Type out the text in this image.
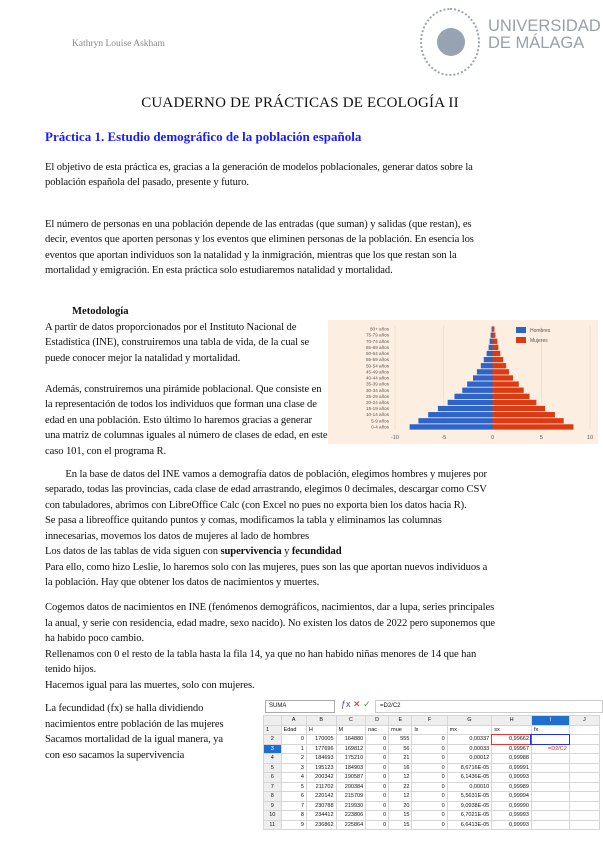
Kathryn Louise Askham
UNIVERSIDAD
DE MÁLAGA
CUADERNO DE PRÁCTICAS DE ECOLOGÍA II
Práctica 1. Estudio demográfico de la población española
Metodología
El objetivo de esta práctica es, gracias a la generación de modelos poblacionales, generar datos sobre la
población española del pasado, presente y futuro.
El número de personas en una población depende de las entradas (que suman) y salidas (que restan), es
decir, eventos que aporten personas y los eventos que eliminen personas de la población. En esencia los
eventos que aportan individuos son la natalidad y la inmigración, mientras que los que restan son la
mortalidad y emigración. En esta práctica solo estudiaremos natalidad y mortalidad.
A partir de datos proporcionados por el Instituto Nacional de
Estadística (INE), construiremos una tabla de vida, de la cual se
puede conocer mejor la natalidad y mortalidad.
Además, construiremos una pirámide poblacional. Que consiste en
la representación de todos los individuos que forman una clase de
edad en una población. Esto último lo haremos gracias a generar
una matriz de columnas iguales al número de clases de edad, en este
caso 101, con el programa R.
En la base de datos del INE vamos a demografía datos de población, elegimos hombres y mujeres por
separado, todas las provincias, cada clase de edad arrastrando, elegimos 0 decimales, descargar como CSV
con tabuladores, abrimos con LibreOffice Calc (con Excel no pues no exporta bien los datos hacia R).
Se pasa a libreoffice quitando puntos y comas, modificamos la tabla y eliminamos las columnas
innecesarias, movemos los datos de mujeres al lado de hombres
Para ello, como hizo Leslie, lo haremos solo con las mujeres, pues son las que aportan nuevos individuos a
la población. Hay que obtener los datos de nacimientos y muertes.
Cogemos datos de nacimientos en INE (fenómenos demográficos, nacimientos, dar a lupa, series principales
la anual, y serie con residencia, edad madre, sexo nacido). No existen los datos de 2022 pero suponemos que
ha habido poco cambio.
Rellenamos con 0 el resto de la tabla hasta la fila 14, ya que no han habido niñas menores de 14 que han
tenido hijos.
Hacemos igual para las muertes, solo con mujeres.
La fecundidad (fx) se halla dividiendo
nacimientos entre población de las mujeres
Sacamos mortalidad de la igual manera, ya
con eso sacamos la supervivencia
Los datos de las tablas de vida siguen con supervivencia y fecundidad
-10	-5	0	5	10
0-4 años
5-9 años
10-14 años
15-19 años
20-24 años
25-29 años
30-34 años
35-39 años
40-44 años
45-49 años
50-54 años
55-59 años
60-64 años
65-69 años
70-74 años
75-79 años
80+ años	Hombres
Mujeres
SUMA	ƒx ✕ ✓	=D2/C2
	A	B	C	D	E	F	G	H	I	J
1	Edad	H	M	nac	mue	lx	mx	sx	fx	
2	0	170005	164880	0	555	0	0,00337	0,99662		
3	1	177696	169812	0	56	0	0,00033	0,99967	=D2/C2	
4	2	184693	175210	0	21	0	0,00012	0,99988		
5	3	195123	184903	0	16	0	8,6716E-05	0,99991		
6	4	200342	190587	0	12	0	6,1436E-05	0,99993		
7	5	211702	200384	0	22	0	0,00010	0,99989		
8	6	220142	215709	0	12	0	5,5631E-05	0,99994		
9	7	230788	219930	0	20	0	9,0938E-05	0,99990		
10	8	234412	223806	0	15	0	6,7021E-05	0,99993		
11	9	236862	225864	0	15	0	6,6413E-05	0,99993		
